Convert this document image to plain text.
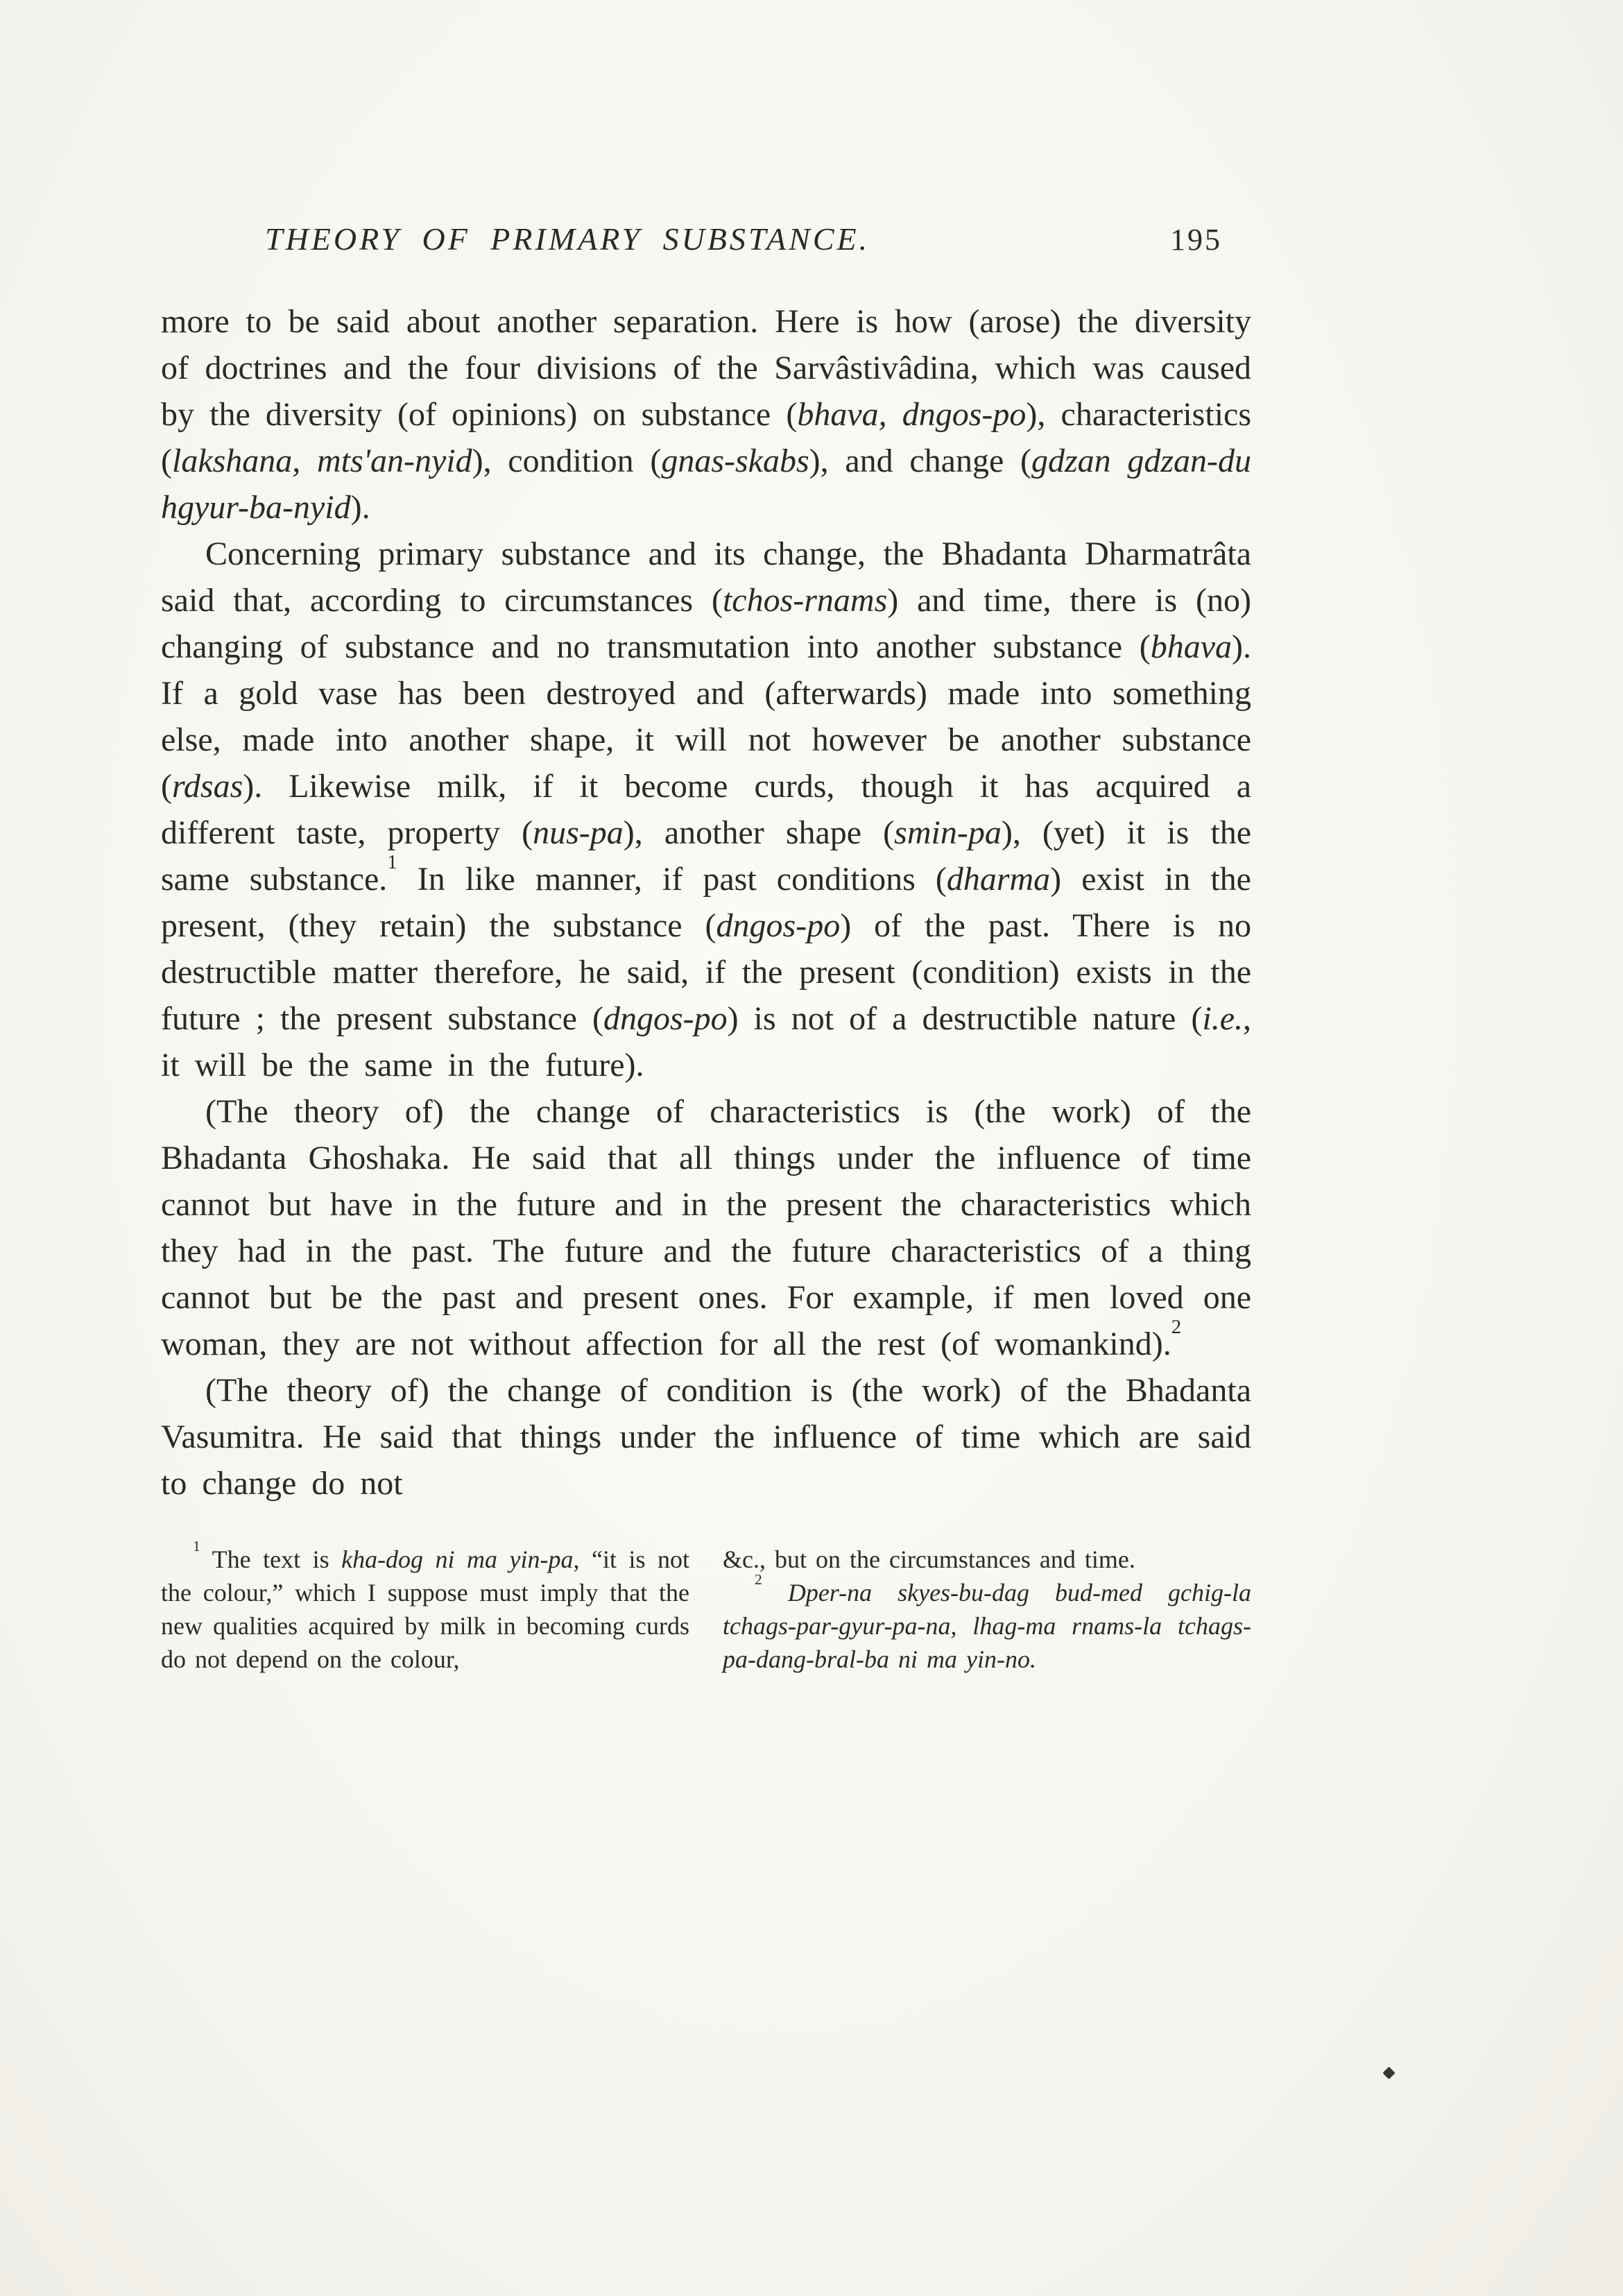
THEORY OF PRIMARY SUBSTANCE.	195

more to be said about another separation. Here is how (arose) the diversity of doctrines and the four divisions of the Sarvâstivâdina, which was caused by the diversity (of opinions) on substance (bhava, dngos-po), characteristics (lakshana, mts'an-nyid), condition (gnas-skabs), and change (gdzan gdzan-du hgyur-ba-nyid).

Concerning primary substance and its change, the Bhadanta Dharmatrâta said that, according to circumstances (tchos-rnams) and time, there is (no) changing of substance and no transmutation into another substance (bhava). If a gold vase has been destroyed and (afterwards) made into something else, made into another shape, it will not however be another substance (rdsas). Likewise milk, if it become curds, though it has acquired a different taste, property (nus-pa), another shape (smin-pa), (yet) it is the same substance.$^1$ In like manner, if past conditions (dharma) exist in the present, (they retain) the substance (dngos-po) of the past. There is no destructible matter therefore, he said, if the present (condition) exists in the future ; the present substance (dngos-po) is not of a destructible nature (i.e., it will be the same in the future).

(The theory of) the change of characteristics is (the work) of the Bhadanta Ghoshaka. He said that all things under the influence of time cannot but have in the future and in the present the characteristics which they had in the past. The future and the future characteristics of a thing cannot but be the past and present ones. For example, if men loved one woman, they are not without affection for all the rest (of womankind).$^2$

(The theory of) the change of condition is (the work) of the Bhadanta Vasumitra. He said that things under the influence of time which are said to change do not

$^1$ The text is kha-dog ni ma yin-pa, “it is not the colour,” which I suppose must imply that the new qualities acquired by milk in becoming curds do not depend on the colour,

&c., but on the circumstances and time.

$^2$ Dper-na skyes-bu-dag bud-med gchig-la tchags-par-gyur-pa-na, lhag-ma rnams-la tchags-pa-dang-bral-ba ni ma yin-no.
